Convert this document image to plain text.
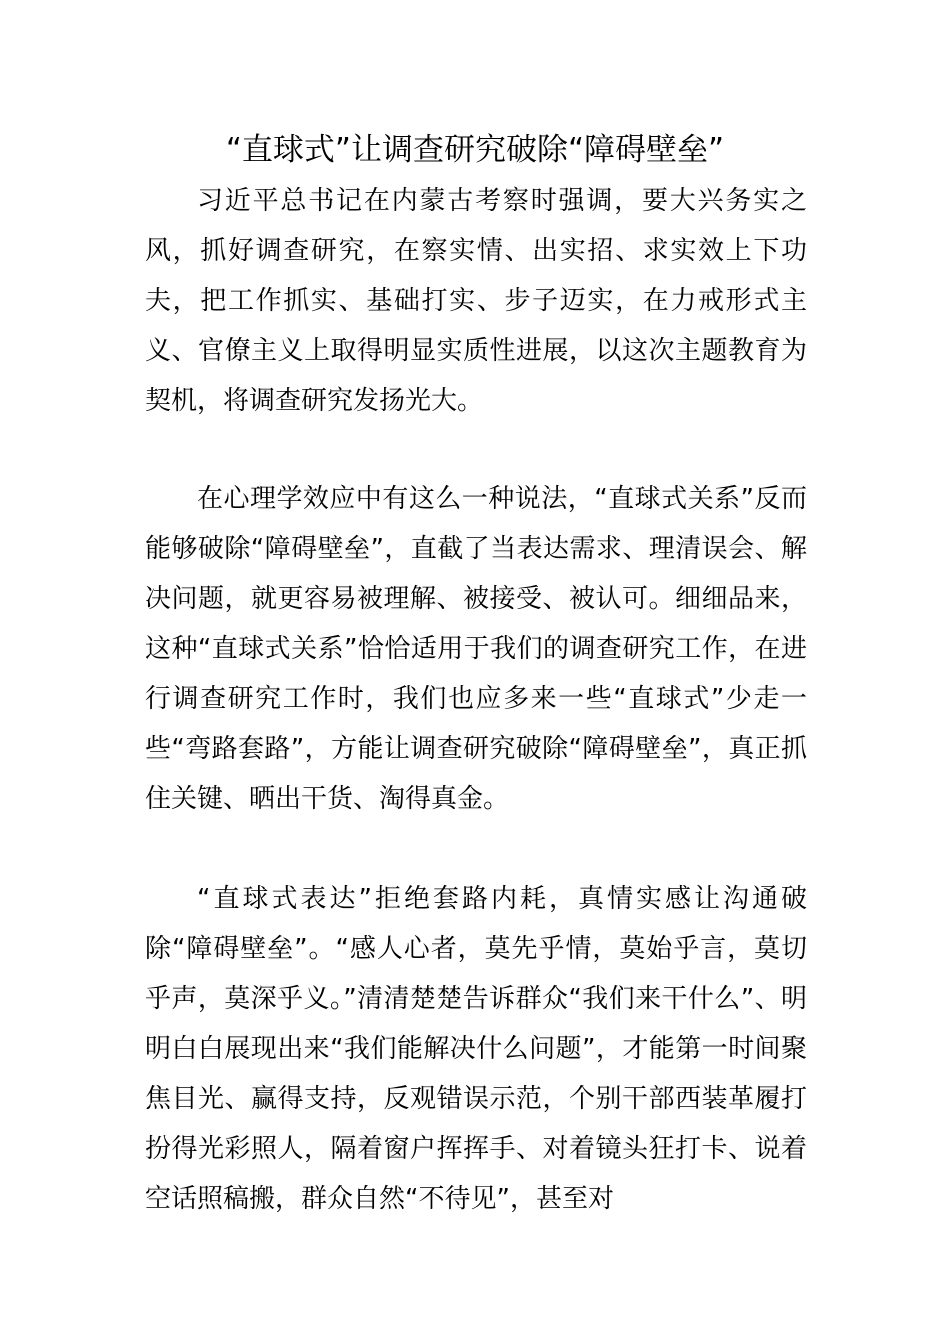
“直球式”让调查研究破除“障碍壁垒”

习近平总书记在内蒙古考察时强调，要大兴务实之风，抓好调查研究，在察实情、出实招、求实效上下功夫，把工作抓实、基础打实、步子迈实，在力戒形式主义、官僚主义上取得明显实质性进展，以这次主题教育为契机，将调查研究发扬光大。

在心理学效应中有这么一种说法，“直球式关系”反而能够破除“障碍壁垒”，直截了当表达需求、理清误会、解决问题，就更容易被理解、被接受、被认可。细细品来，这种“直球式关系”恰恰适用于我们的调查研究工作，在进行调查研究工作时，我们也应多来一些“直球式”少走一些“弯路套路”，方能让调查研究破除“障碍壁垒”，真正抓住关键、晒出干货、淘得真金。

“直球式表达”拒绝套路内耗，真情实感让沟通破除“障碍壁垒”。“感人心者，莫先乎情，莫始乎言，莫切乎声，莫深乎义。”清清楚楚告诉群众“我们来干什么”、明明白白展现出来“我们能解决什么问题”，才能第一时间聚焦目光、赢得支持，反观错误示范，个别干部西装革履打扮得光彩照人，隔着窗户挥挥手、对着镜头狂打卡、说着空话照稿搬，群众自然“不待见”，甚至对
